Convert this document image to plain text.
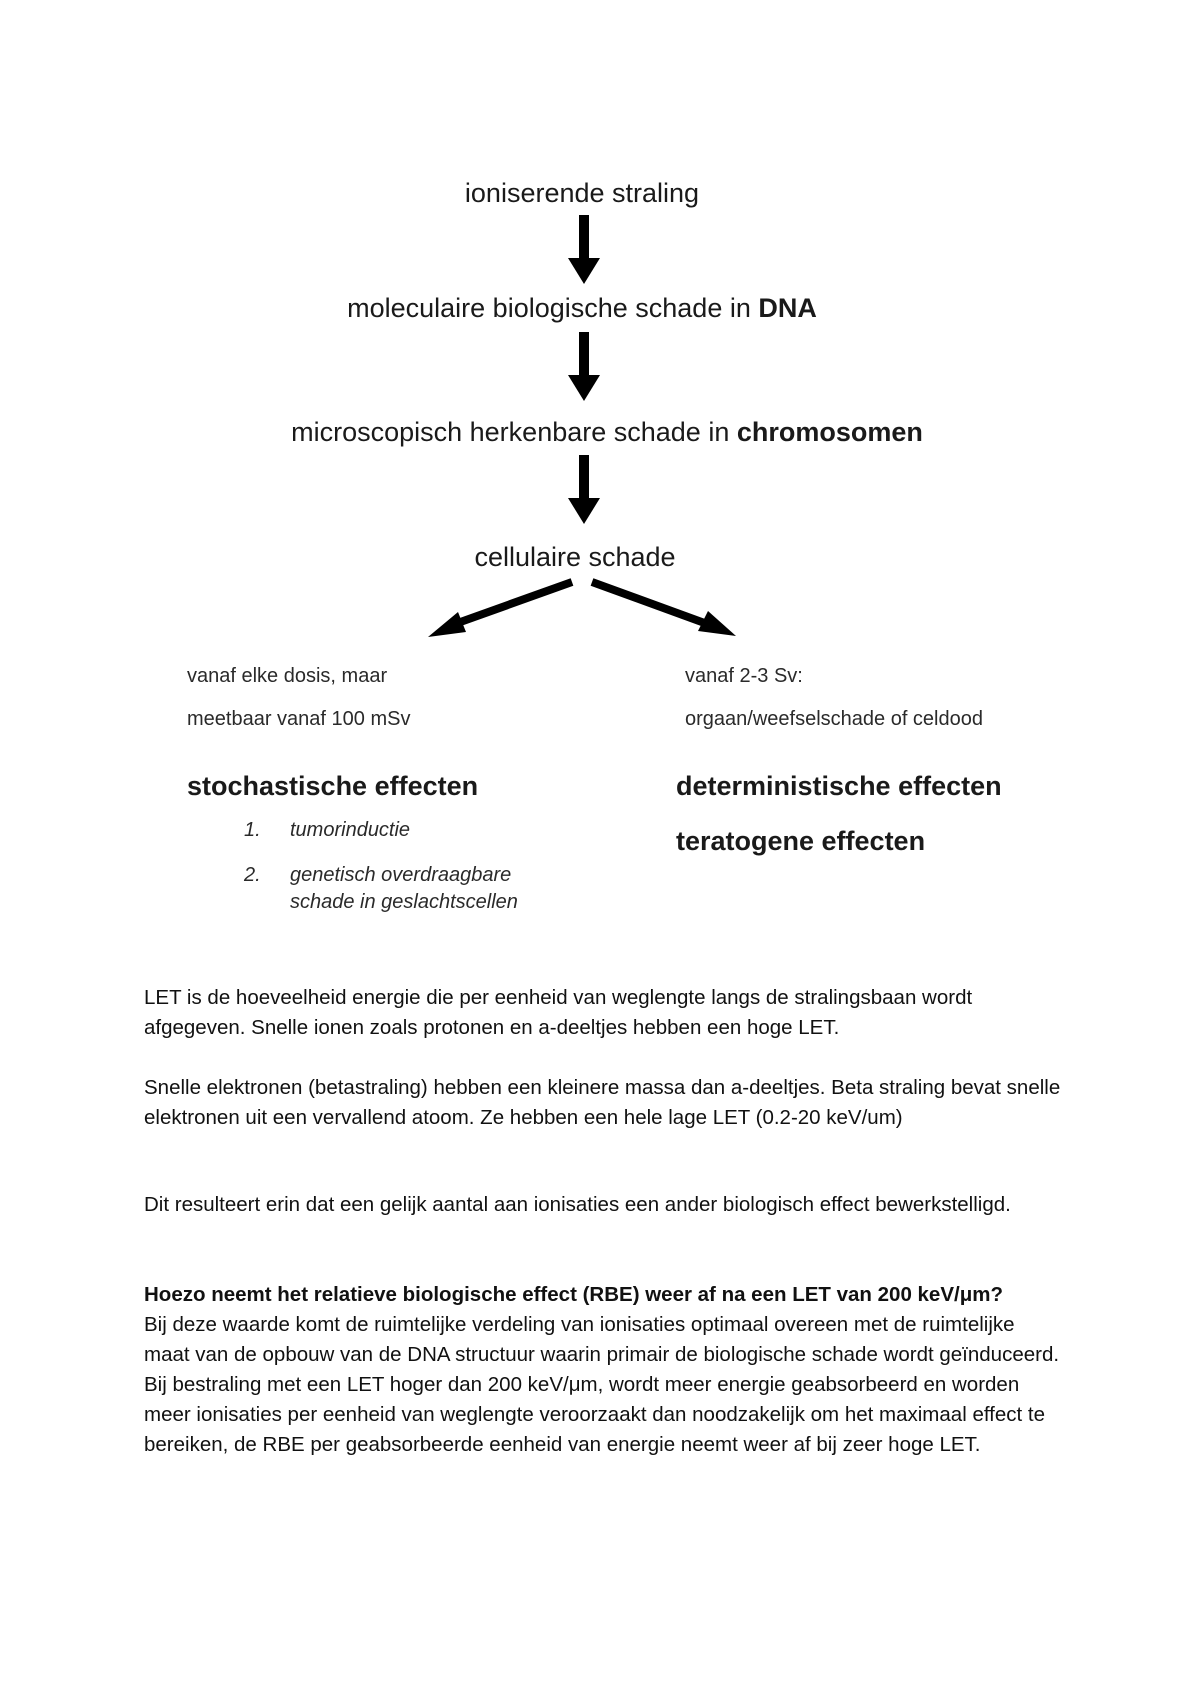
ioniserende straling
moleculaire biologische schade in DNA
microscopisch herkenbare schade in chromosomen
cellulaire schade
vanaf elke dosis, maar
meetbaar vanaf 100 mSv
stochastische effecten
1. tumorinductie
2. genetisch overdraagbare
schade in geslachtscellen
vanaf 2-3 Sv:
orgaan/weefselschade of celdood
deterministische effecten
teratogene effecten

LET is de hoeveelheid energie die per eenheid van weglengte langs de stralingsbaan wordt afgegeven. Snelle ionen zoals protonen en a-deeltjes hebben een hoge LET.

Snelle elektronen (betastraling) hebben een kleinere massa dan a-deeltjes. Beta straling bevat snelle elektronen uit een vervallend atoom. Ze hebben een hele lage LET (0.2-20 keV/um)

Dit resulteert erin dat een gelijk aantal aan ionisaties een ander biologisch effect bewerkstelligd.

Hoezo neemt het relatieve biologische effect (RBE) weer af na een LET van 200 keV/μm?

Bij deze waarde komt de ruimtelijke verdeling van ionisaties optimaal overeen met de ruimtelijke maat van de opbouw van de DNA structuur waarin primair de biologische schade wordt geïnduceerd. Bij bestraling met een LET hoger dan 200 keV/μm, wordt meer energie geabsorbeerd en worden meer ionisaties per eenheid van weglengte veroorzaakt dan noodzakelijk om het maximaal effect te bereiken, de RBE per geabsorbeerde eenheid van energie neemt weer af bij zeer hoge LET.
